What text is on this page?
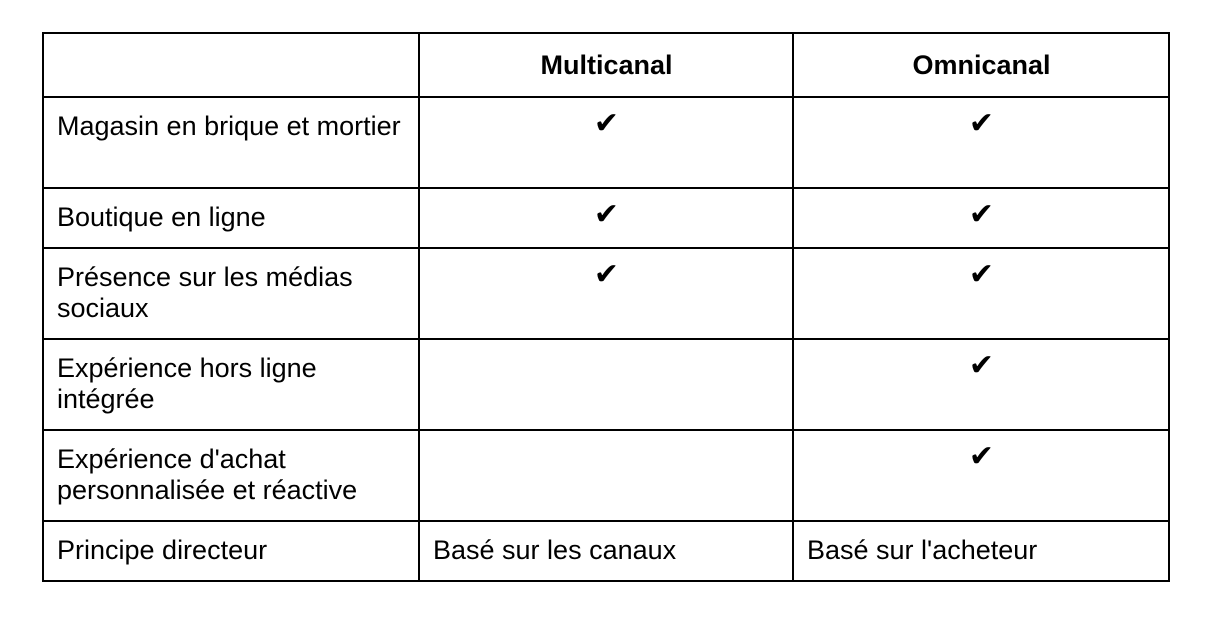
	Multicanal	Omnicanal
Magasin en brique et mortier	✔	✔
Boutique en ligne	✔	✔
Présence sur les médias sociaux	✔	✔
Expérience hors ligne intégrée		✔
Expérience d'achat personnalisée et réactive		✔
Principe directeur	Basé sur les canaux	Basé sur l'acheteur
